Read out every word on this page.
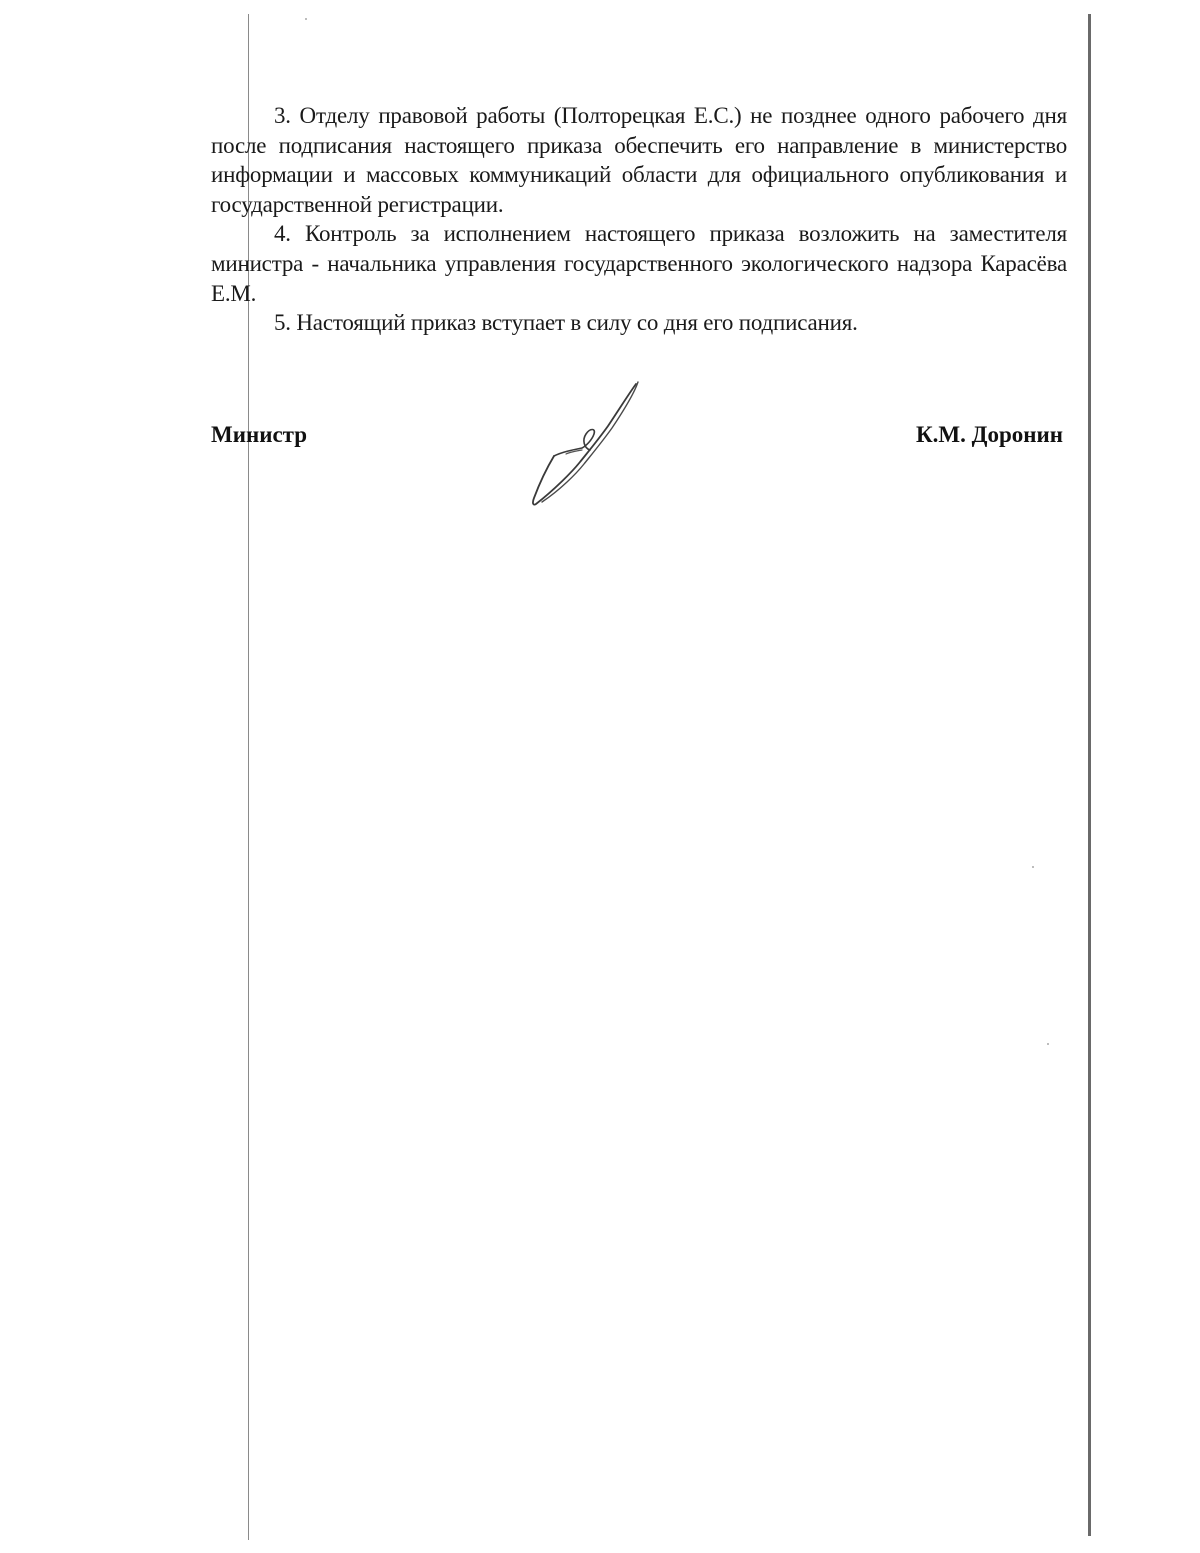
3. Отделу правовой работы (Полторецкая Е.С.) не позднее одного рабочего дня после подписания настоящего приказа обеспечить его направление в министерство информации и массовых коммуникаций области для официального опубликования и государственной регистрации.

4. Контроль за исполнением настоящего приказа возложить на заместителя министра - начальника управления государственного экологического надзора Карасёва Е.М.

5. Настоящий приказ вступает в силу со дня его подписания.

Министр	К.М. Доронин
